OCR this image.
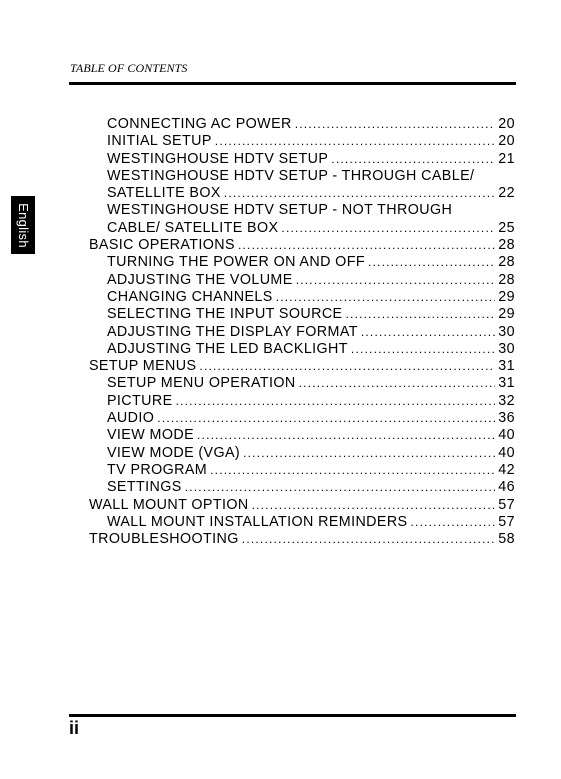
TABLE OF CONTENTS
English
CONNECTING AC POWER .....	20
INITIAL SETUP .....	20
WESTINGHOUSE HDTV SETUP .....	21
WESTINGHOUSE HDTV SETUP - THROUGH CABLE/
SATELLITE BOX .....	22
WESTINGHOUSE HDTV SETUP - NOT THROUGH
CABLE/ SATELLITE BOX .....	25
BASIC OPERATIONS .....	28
TURNING THE POWER ON AND OFF .....	28
ADJUSTING THE VOLUME .....	28
CHANGING CHANNELS .....	29
SELECTING THE INPUT SOURCE .....	29
ADJUSTING THE DISPLAY FORMAT .....	30
ADJUSTING THE LED BACKLIGHT .....	30
SETUP MENUS .....	31
SETUP MENU OPERATION .....	31
PICTURE .....	32
AUDIO .....	36
VIEW MODE .....	40
VIEW MODE (VGA) .....	40
TV PROGRAM .....	42
SETTINGS .....	46
WALL MOUNT OPTION .....	57
WALL MOUNT INSTALLATION REMINDERS .....	57
TROUBLESHOOTING .....	58
ii
